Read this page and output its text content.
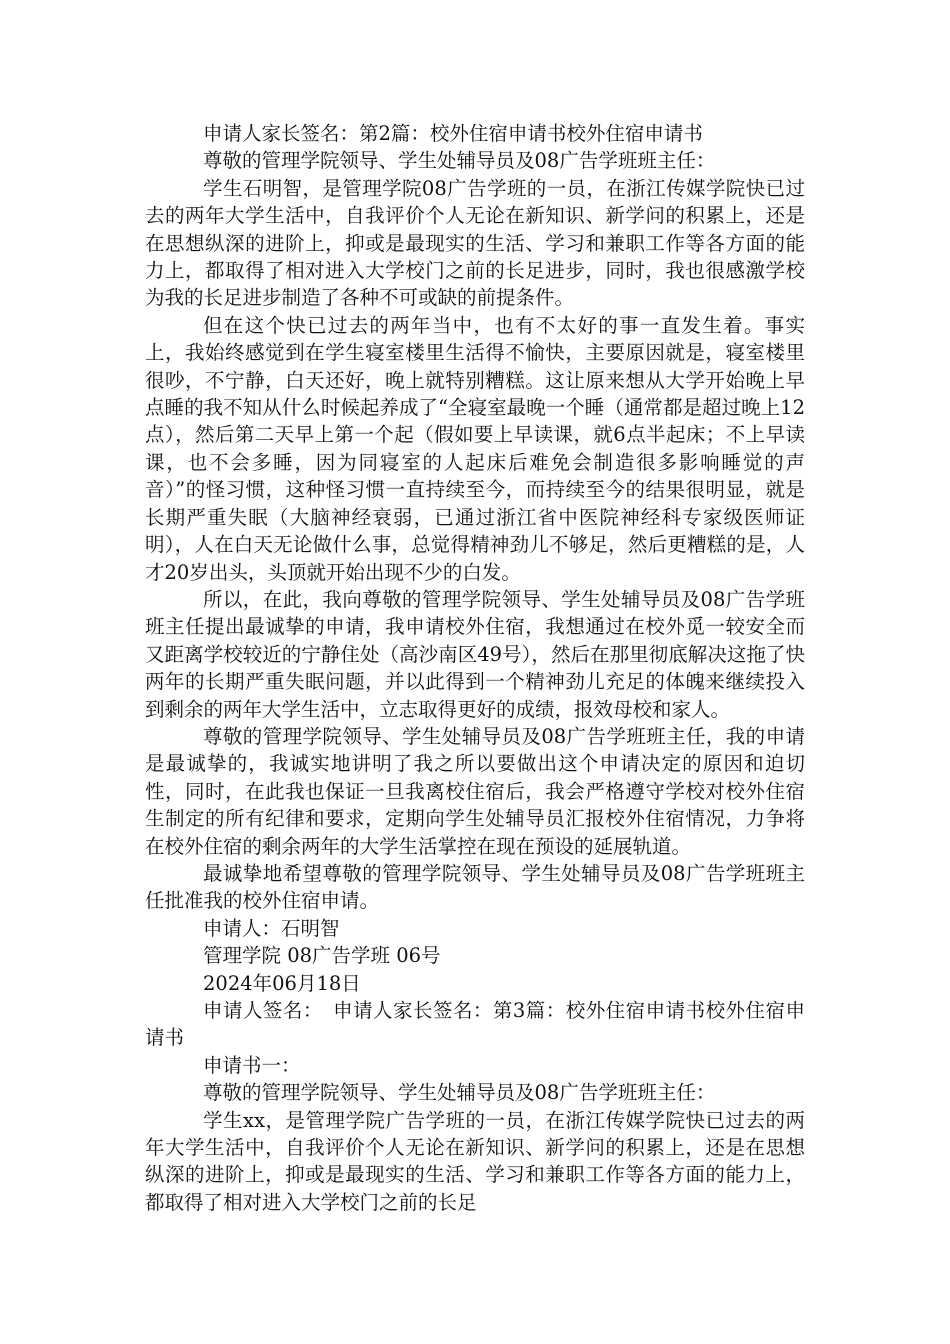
申请人家长签名：第2篇：校外住宿申请书校外住宿申请书

尊敬的管理学院领导、学生处辅导员及08广告学班班主任：

学生石明智，是管理学院08广告学班的一员，在浙江传媒学院快已过去的两年大学生活中，自我评价个人无论在新知识、新学问的积累上，还是在思想纵深的进阶上，抑或是最现实的生活、学习和兼职工作等各方面的能力上，都取得了相对进入大学校门之前的长足进步，同时，我也很感激学校为我的长足进步制造了各种不可或缺的前提条件。

但在这个快已过去的两年当中，也有不太好的事一直发生着。事实上，我始终感觉到在学生寝室楼里生活得不愉快，主要原因就是，寝室楼里很吵，不宁静，白天还好，晚上就特别糟糕。这让原来想从大学开始晚上早点睡的我不知从什么时候起养成了“全寝室最晚一个睡（通常都是超过晚上12点），然后第二天早上第一个起（假如要上早读课，就6点半起床；不上早读课，也不会多睡，因为同寝室的人起床后难免会制造很多影响睡觉的声音）”的怪习惯，这种怪习惯一直持续至今，而持续至今的结果很明显，就是长期严重失眠（大脑神经衰弱，已通过浙江省中医院神经科专家级医师证明），人在白天无论做什么事，总觉得精神劲儿不够足，然后更糟糕的是，人才20岁出头，头顶就开始出现不少的白发。

所以，在此，我向尊敬的管理学院领导、学生处辅导员及08广告学班班主任提出最诚挚的申请，我申请校外住宿，我想通过在校外觅一较安全而又距离学校较近的宁静住处（高沙南区49号），然后在那里彻底解决这拖了快两年的长期严重失眠问题，并以此得到一个精神劲儿充足的体魄来继续投入到剩余的两年大学生活中，立志取得更好的成绩，报效母校和家人。

尊敬的管理学院领导、学生处辅导员及08广告学班班主任，我的申请是最诚挚的，我诚实地讲明了我之所以要做出这个申请决定的原因和迫切性，同时，在此我也保证一旦我离校住宿后，我会严格遵守学校对校外住宿生制定的所有纪律和要求，定期向学生处辅导员汇报校外住宿情况，力争将在校外住宿的剩余两年的大学生活掌控在现在预设的延展轨道。

最诚挚地希望尊敬的管理学院领导、学生处辅导员及08广告学班班主任批准我的校外住宿申请。

申请人：石明智

管理学院 08广告学班 06号

2024年06月18日

申请人签名：　申请人家长签名：第3篇：校外住宿申请书校外住宿申请书

申请书一：

尊敬的管理学院领导、学生处辅导员及08广告学班班主任：

学生xx，是管理学院广告学班的一员，在浙江传媒学院快已过去的两年大学生活中，自我评价个人无论在新知识、新学问的积累上，还是在思想纵深的进阶上，抑或是最现实的生活、学习和兼职工作等各方面的能力上，都取得了相对进入大学校门之前的长足
